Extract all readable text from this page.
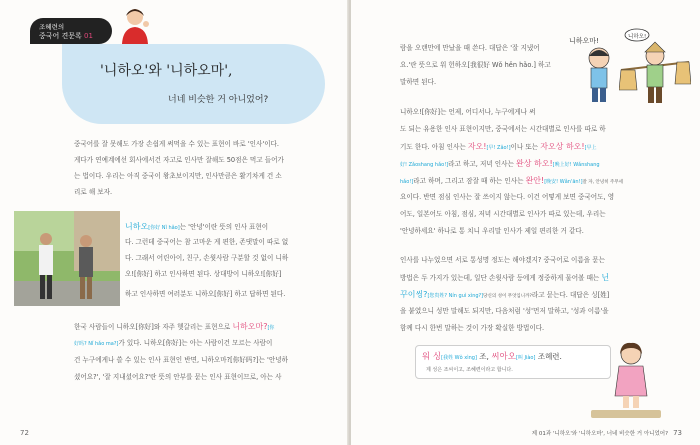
조혜련의
중국어 견문록 01
'니하오'와 '니하오마',
너네 비슷한 거 아니었어?
중국어를 잘 못해도 가장 손쉽게 써먹을 수 있는 표현이 바로 '인사'이다.
게다가 연예계에선 회사에서건 자고로 인사만 잘해도 50점은 먹고 들어가
는 법이다. 우리는 아직 중국이 왕초보이지만, 인사만큼은 활기차게 건 소
리로 해 보자.
니하오[你好 Nǐ hǎo]는 '안녕'이란 뜻의 인사 표현이
다. 그런데 중국어는 참 고마운 게 편한, 존댓말이 따로 없
다. 그래서 어린아이, 친구, 손윗사람 구분할 것 없이 니하
오![你好] 하고 인사하면 된다. 상대방이 니하오![你好]
하고 인사하면 여러분도 니하오[你好] 하고 답하면 된다.
한국 사람들이 니하오[你好]와 자주 헷갈리는 표현으로 니하오마?[你
好吗? Nǐ hǎo ma?]가 있다. 니하오[你好]는 아는 사람이건 모르는 사람이
건 누구에게나 쓸 수 있는 인사 표현인 반면, 니하오마?[你好吗?]는 '안녕하
셨어요?', '잘 지내셨어요?'란 뜻의 안부를 묻는 인사 표현이므로, 아는 사
72
람을 오랜만에 만났을 때 쓴다. 대답은 '잘 지냈어
요.'란 뜻으로 워 헌하오[我很好 Wǒ hěn hǎo.] 하고
말하면 된다.
니하오마!	니하오!
니하오![你好]는 언제, 어디서나, 누구에게나 써
도 되는 유용한 인사 표현이지만, 중국에서는 시간대별로 인사를 따로 하
기도 한다. 아침 인사는 자오![早! Zǎo!]이나 또는 자오상 하오![早上
好! Zǎoshang hǎo!]라고 하고, 저녁 인사는 완상 하오![晚上好! Wǎnshang
hǎo!]라고 하며, 그리고 잠잘 때 하는 인사는 완안![晚安! Wǎn'ān!]잘 자, 안녕히 주무세
요이다. 반면 점심 인사는 잘 쓰이지 않는다. 이건 어떻게 보면 중국어도, 영
어도, 일본어도 아침, 점심, 저녁 시간대별로 인사가 따로 있는데, 우리는
'안녕하세요' 하나로 통 치니 우리말 인사가 제일 편리한 거 같다.
인사를 나누었으면 서로 통성명 정도는 해야겠지? 중국어로 이름을 묻는
방법은 두 가지가 있는데, 일단 손윗사람 등에게 정중하게 물어볼 때는 닌
꾸이씽?[您贵姓? Nín guì xìng?]당신의 성이 무엇입니까?라고 묻는다. 대답은 싱[姓]
을 붙였으니 성만 말해도 되지만, 다음처럼 '성'먼저 말하고, '성과 이름'을
함께 다시 한번 말하는 것이 가장 확실한 방법이다.
워 싱[我姓 Wǒ xìng] 조, 씨아오[叫 Jiào] 조혜련.
제 성은 조씨이고, 조혜련이라고 합니다.
제 01과 '니하오'와 '니하오마', 너네 비슷한 거 아니었어? 73
